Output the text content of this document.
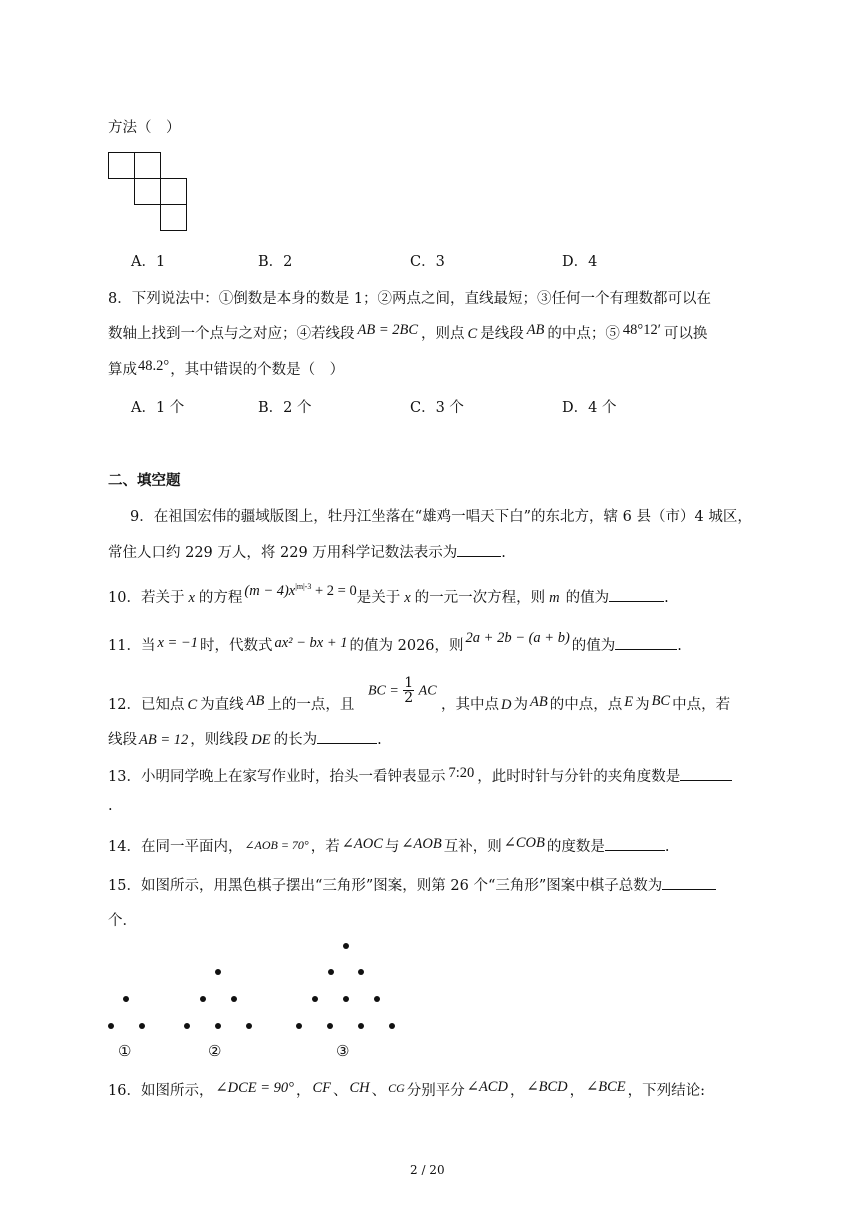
方法（　）
A．1	B．2	C．3	D．4
8．下列说法中：①倒数是本身的数是 1；②两点之间，直线最短；③任何一个有理数都可以在
数轴上找到一个点与之对应；④若线段 AB = 2BC ，则点 C 是线段 AB 的中点；⑤ 48°12′ 可以换
算成48.2°，其中错误的个数是（　）
A．1 个	B．2 个	C．3 个	D．4 个
二、填空题
9．在祖国宏伟的疆域版图上，牡丹江坐落在“雄鸡一唱天下白”的东北方，辖 6 县（市）4 城区，
常住人口约 229 万人，将 229 万用科学记数法表示为	.
10．若关于 x 的方程 $(m - 4)x^{|m|-3} + 2 = 0$是关于 x 的一元一次方程，则 m 的值为	.
11．当 x = −1 时，代数式 ax² − bx + 1 的值为 2026，则 2a + 2b − (a + b) 的值为	.
12．已知点 C 为直线 AB 上的一点，且
BC = $\frac{1}{2}$ AC
，其中点 D 为 AB 的中点，点 E 为 BC 中点，若
线段 AB = 12 ，则线段 DE 的长为	.
13．小明同学晚上在家写作业时，抬头一看钟表显示 7:20 ，此时时针与分针的夹角度数是
.
14．在同一平面内， ∠AOB = 70° ，若 ∠AOC 与 ∠AOB 互补，则 ∠COB 的度数是	.
15．如图所示，用黑色棋子摆出“三角形”图案，则第 26 个“三角形”图案中棋子总数为
个．
①	②	③
16．如图所示， ∠DCE = 90° ， CF 、 CH 、 $^{CG}$ 分别平分 ∠ACD ， ∠BCD ， ∠BCE ，下列结论:
2 / 20
